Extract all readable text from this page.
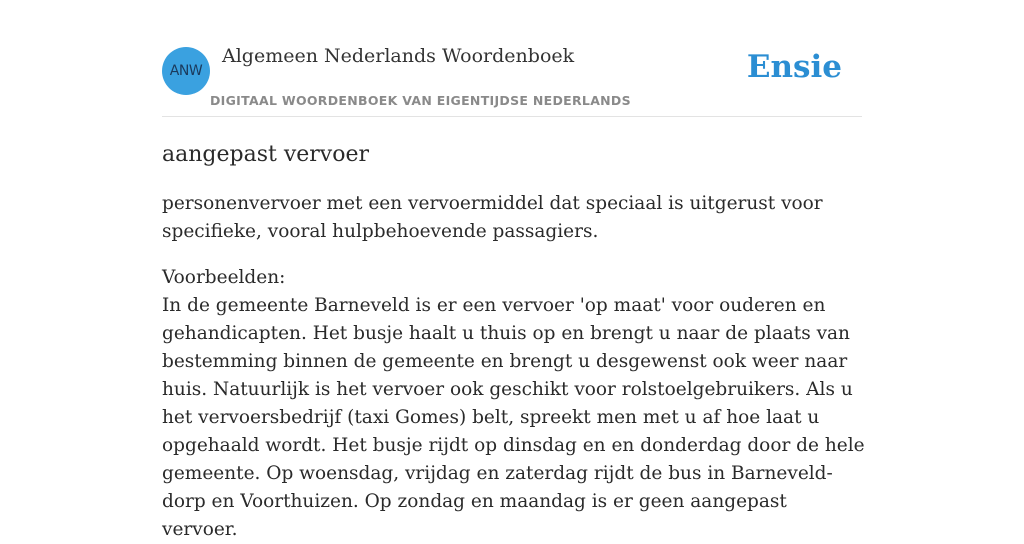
ANW
Algemeen Nederlands Woordenboek
DIGITAAL WOORDENBOEK VAN EIGENTIJDSE NEDERLANDS
Ensie
aangepast vervoer

personenvervoer met een vervoermiddel dat speciaal is uitgerust voor specifieke, vooral hulpbehoevende passagiers.

Voorbeelden:
In de gemeente Barneveld is er een vervoer 'op maat' voor ouderen en gehandicapten. Het busje haalt u thuis op en brengt u naar de plaats van bestemming binnen de gemeente en brengt u desgewenst ook weer naar huis. Natuurlijk is het vervoer ook geschikt voor rolstoelgebruikers. Als u het vervoersbedrijf (taxi Gomes) belt, spreekt men met u af hoe laat u opgehaald wordt. Het busje rijdt op dinsdag en en donderdag door de hele gemeente. Op woensdag, vrijdag en zaterdag rijdt de bus in Barneveld-dorp en Voorthuizen. Op zondag en maandag is er geen aangepast vervoer.
